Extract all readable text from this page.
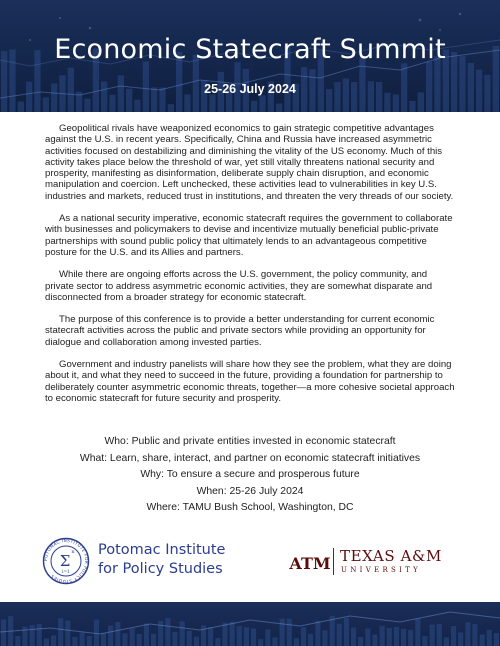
Economic Statecraft Summit
25-26 July 2024

Geopolitical rivals have weaponized economics to gain strategic competitive advantages against the U.S. in recent years. Specifically, China and Russia have increased asymmetric activities focused on destabilizing and diminishing the vitality of the US economy. Much of this activity takes place below the threshold of war, yet still vitally threatens national security and prosperity, manifesting as disinformation, deliberate supply chain disruption, and economic manipulation and coercion. Left unchecked, these activities lead to vulnerabilities in key U.S. industries and markets, reduced trust in institutions, and threaten the very threads of our society.

As a national security imperative, economic statecraft requires the government to collaborate with businesses and policymakers to devise and incentivize mutually beneficial public-private partnerships with sound public policy that ultimately lends to an advantageous competitive posture for the U.S. and its Allies and partners.

While there are ongoing efforts across the U.S. government, the policy community, and private sector to address asymmetric economic activities, they are somewhat disparate and disconnected from a broader strategy for economic statecraft.

The purpose of this conference is to provide a better understanding for current economic statecraft activities across the public and private sectors while providing an opportunity for dialogue and collaboration among invested parties.

Government and industry panelists will share how they see the problem, what they are doing about it, and what they need to succeed in the future, providing a foundation for partnership to deliberately counter asymmetric economic threats, together—a more cohesive societal approach to economic statecraft for future security and prosperity.

Who: Public and private entities invested in economic statecraft
What: Learn, share, interact, and partner on economic statecraft initiatives
Why: To ensure a secure and prosperous future
When: 25-26 July 2024
Where: TAMU Bush School, Washington, DC
POTOMAC INSTITUTE FOR POLICY STUDIES
Σ n
i=1
Potomac Institute
for Policy Studies	ATM TEXAS A&M
UNIVERSITY
